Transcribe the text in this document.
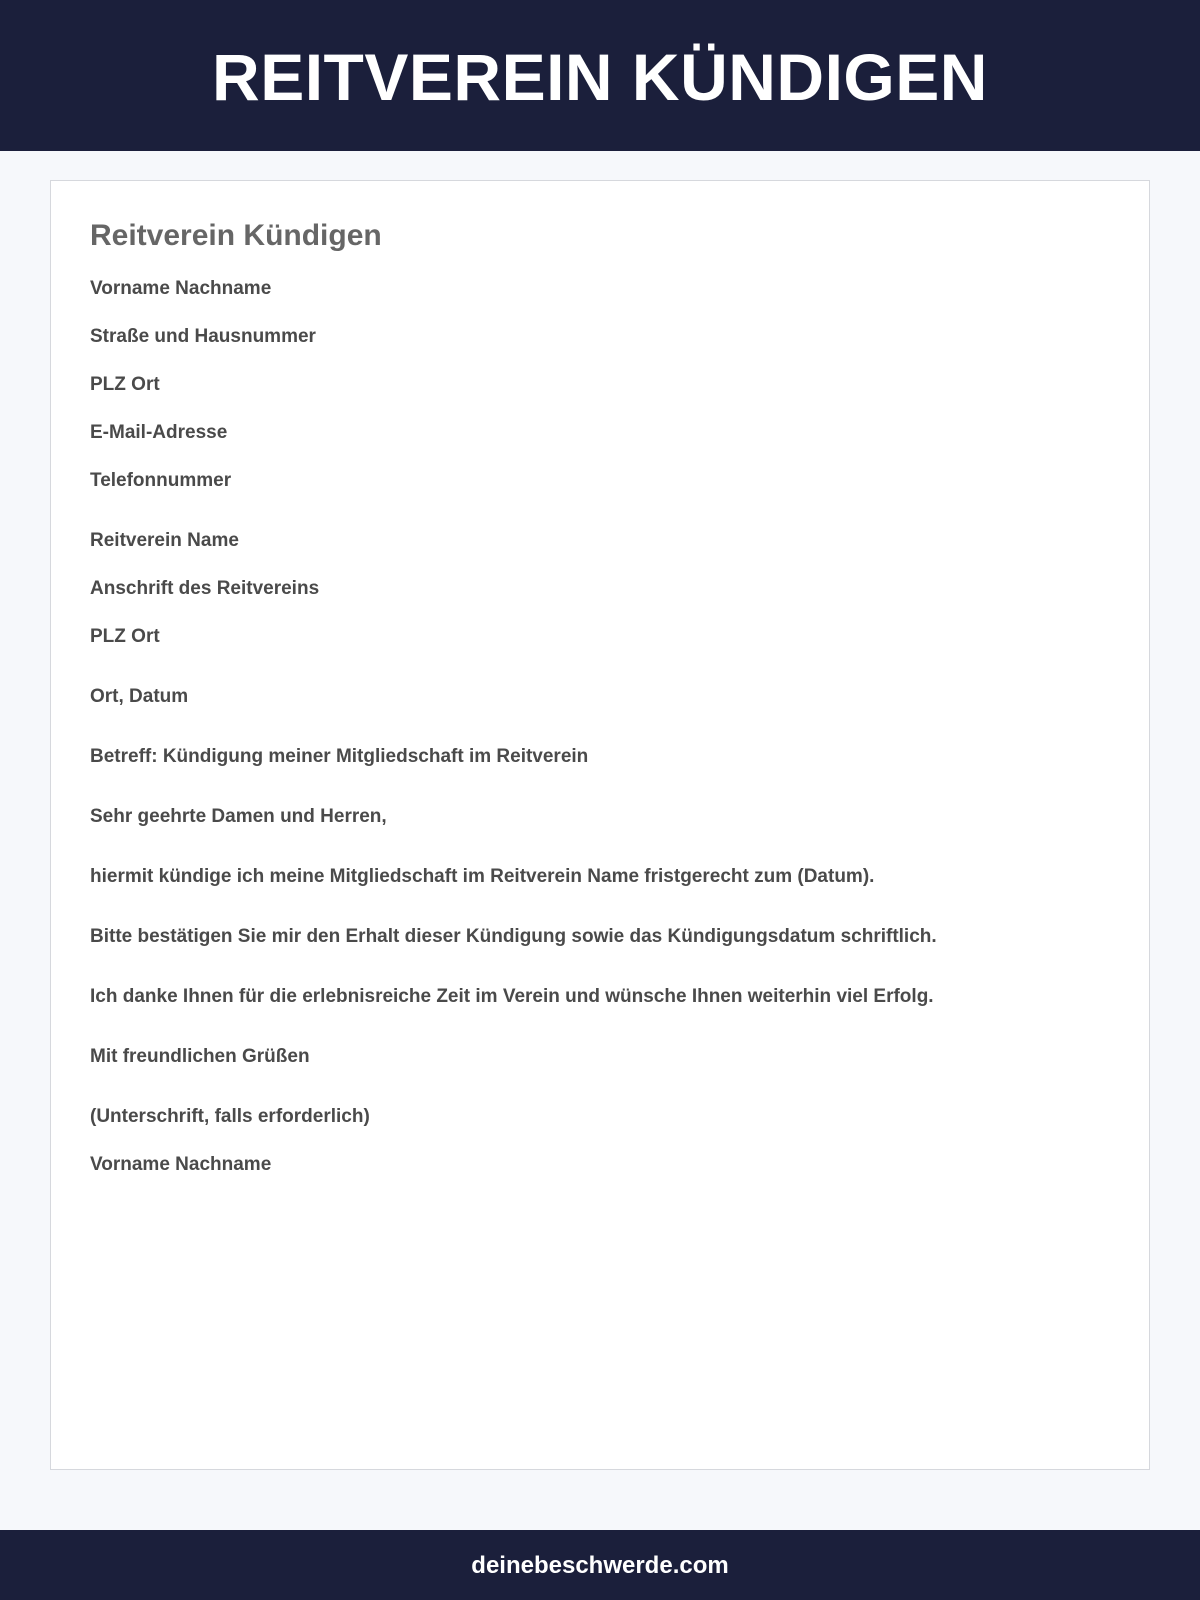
REITVEREIN KÜNDIGEN
Reitverein Kündigen

Vorname Nachname

Straße und Hausnummer

PLZ Ort

E-Mail-Adresse

Telefonnummer

Reitverein Name

Anschrift des Reitvereins

PLZ Ort

Ort, Datum

Betreff: Kündigung meiner Mitgliedschaft im Reitverein

Sehr geehrte Damen und Herren,

hiermit kündige ich meine Mitgliedschaft im Reitverein Name fristgerecht zum (Datum).

Bitte bestätigen Sie mir den Erhalt dieser Kündigung sowie das Kündigungsdatum schriftlich.

Ich danke Ihnen für die erlebnisreiche Zeit im Verein und wünsche Ihnen weiterhin viel Erfolg.

Mit freundlichen Grüßen

(Unterschrift, falls erforderlich)

Vorname Nachname

deinebeschwerde.com
